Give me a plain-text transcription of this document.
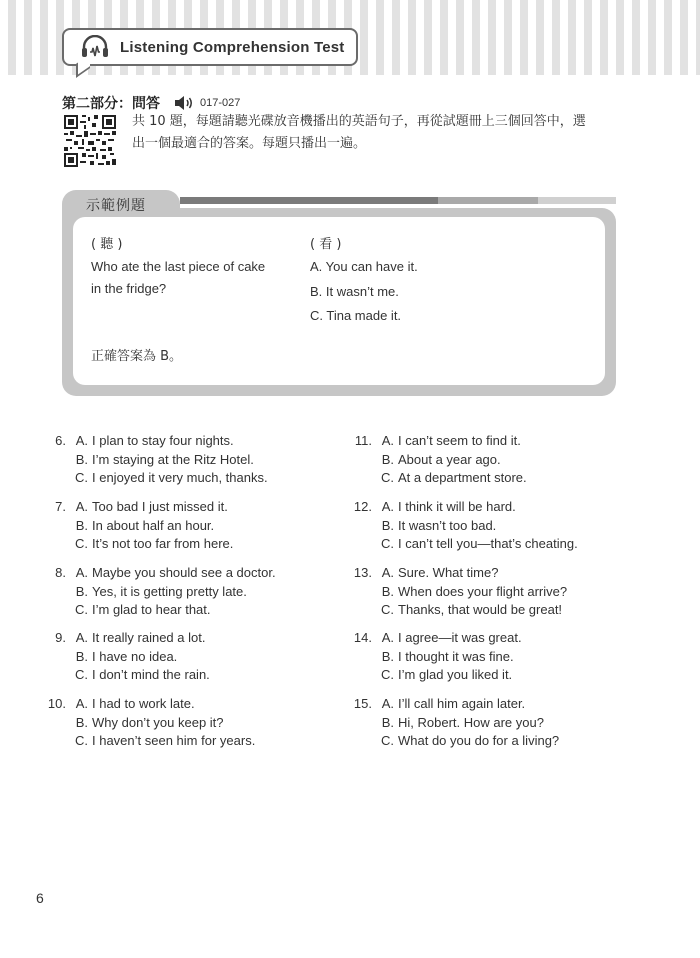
Listening Comprehension Test
第二部分：問答	017-027
共 10 題，每題請聽光碟放音機播出的英語句子，再從試題冊上三個回答中，選
出一個最適合的答案。每題只播出一遍。
示範例題
( 聽 )
Who ate the last piece of cake
in the fridge?
( 看 )
A. You can have it.
B. It wasn’t me.
C. Tina made it.
正確答案為 B。
6. A. I plan to stay four nights.
B. I’m staying at the Ritz Hotel.
C. I enjoyed it very much, thanks.
7. A. Too bad I just missed it.
B. In about half an hour.
C. It’s not too far from here.
8. A. Maybe you should see a doctor.
B. Yes, it is getting pretty late.
C. I’m glad to hear that.
9. A. It really rained a lot.
B. I have no idea.
C. I don’t mind the rain.
10. A. I had to work late.
B. Why don’t you keep it?
C. I haven’t seen him for years.
11. A. I can’t seem to find it.
B. About a year ago.
C. At a department store.
12. A. I think it will be hard.
B. It wasn’t too bad.
C. I can’t tell you—that’s cheating.
13. A. Sure. What time?
B. When does your flight arrive?
C. Thanks, that would be great!
14. A. I agree—it was great.
B. I thought it was fine.
C. I’m glad you liked it.
15. A. I’ll call him again later.
B. Hi, Robert. How are you?
C. What do you do for a living?
6
